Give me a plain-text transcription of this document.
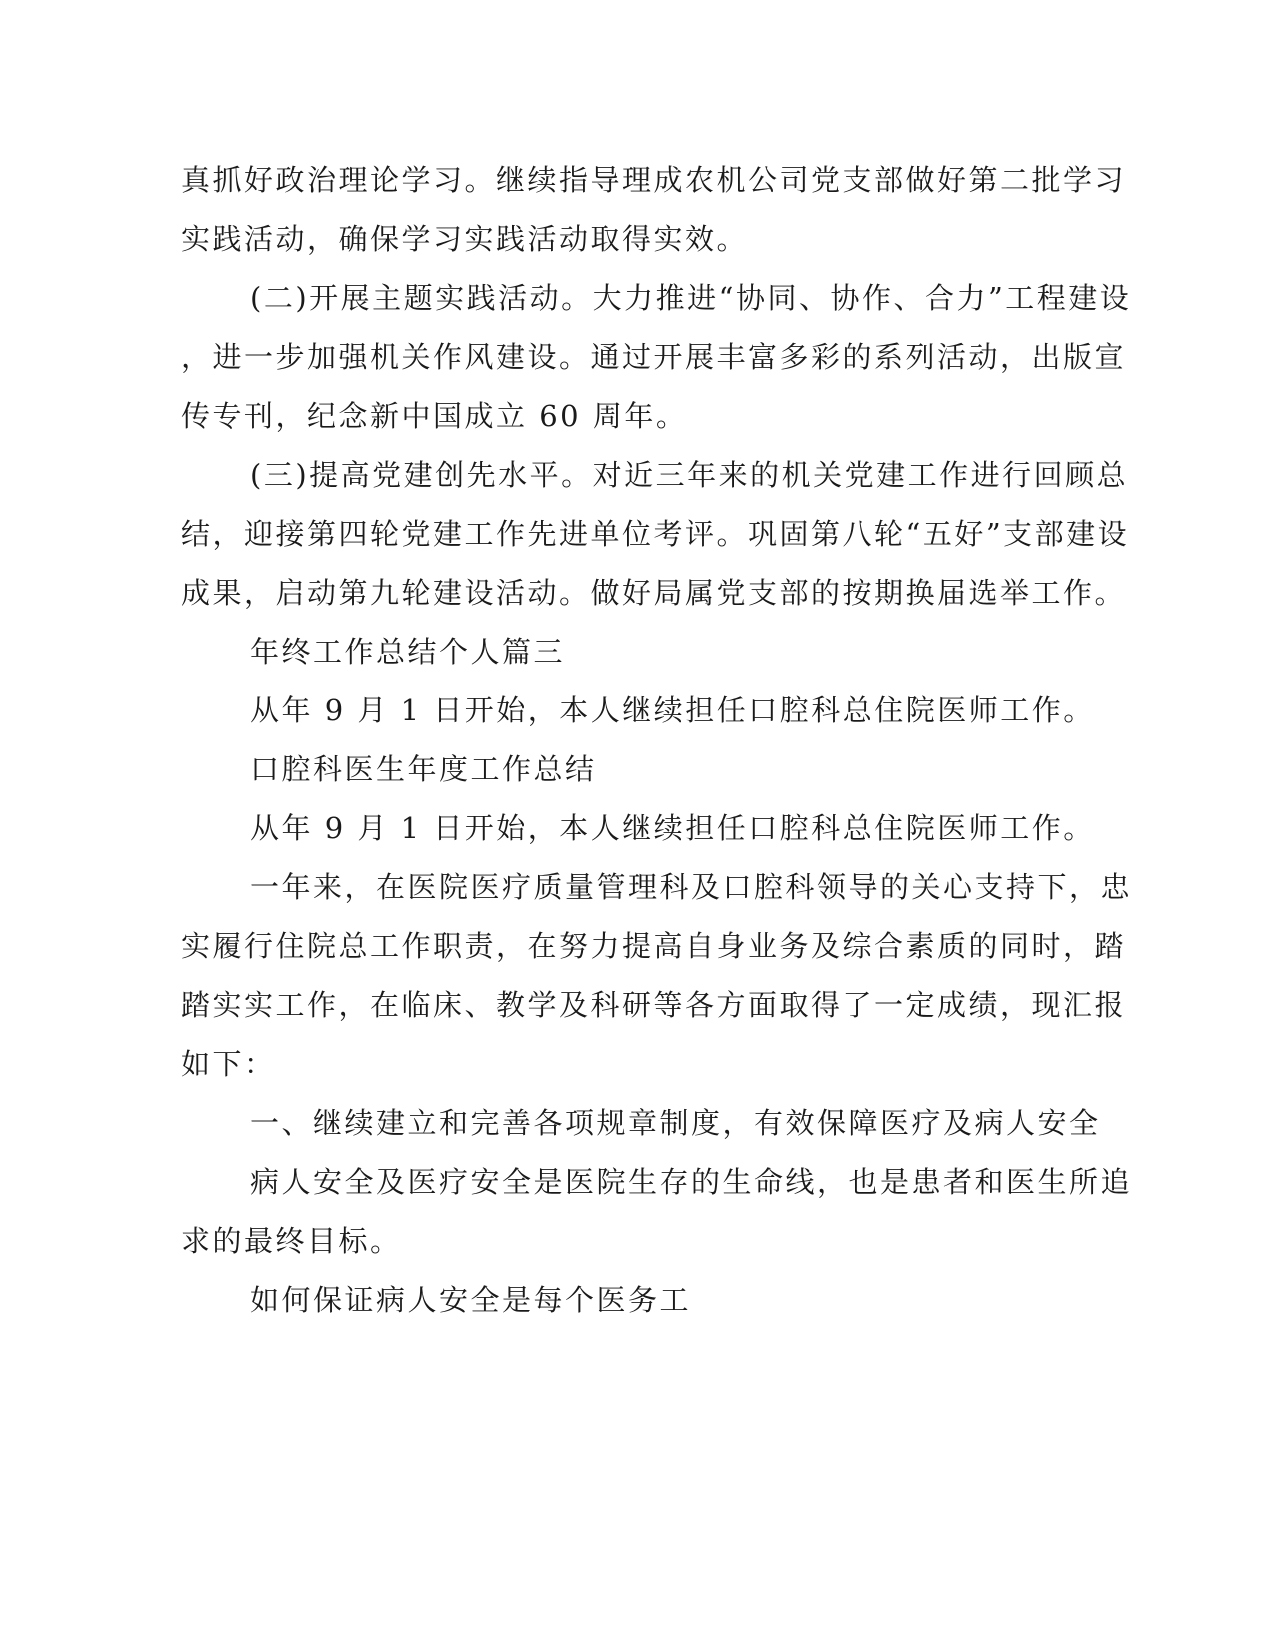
真抓好政治理论学习。继续指导理成农机公司党支部做好第二批学习
实践活动，确保学习实践活动取得实效。
(二)开展主题实践活动。大力推进“协同、协作、合力”工程建设
，进一步加强机关作风建设。通过开展丰富多彩的系列活动，出版宣
传专刊，纪念新中国成立 60 周年。
(三)提高党建创先水平。对近三年来的机关党建工作进行回顾总
结，迎接第四轮党建工作先进单位考评。巩固第八轮“五好”支部建设
成果，启动第九轮建设活动。做好局属党支部的按期换届选举工作。
年终工作总结个人篇三
从年 9 月 1 日开始，本人继续担任口腔科总住院医师工作。
口腔科医生年度工作总结
从年 9 月 1 日开始，本人继续担任口腔科总住院医师工作。
一年来，在医院医疗质量管理科及口腔科领导的关心支持下，忠
实履行住院总工作职责，在努力提高自身业务及综合素质的同时，踏
踏实实工作，在临床、教学及科研等各方面取得了一定成绩，现汇报
如下：
一、继续建立和完善各项规章制度，有效保障医疗及病人安全
病人安全及医疗安全是医院生存的生命线，也是患者和医生所追
求的最终目标。
如何保证病人安全是每个医务工
